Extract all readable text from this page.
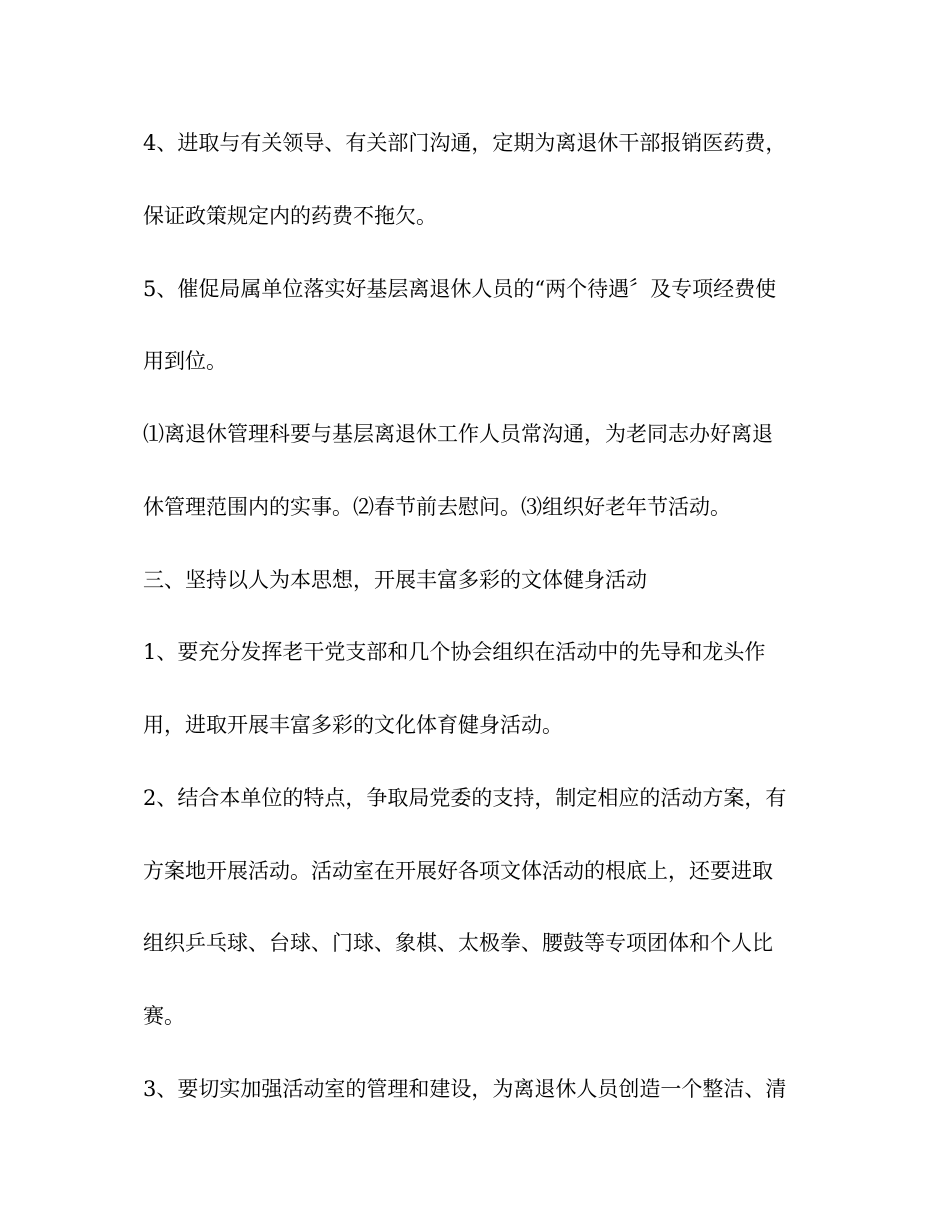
4、进取与有关领导、有关部门沟通，定期为离退休干部报销医药费，
保证政策规定内的药费不拖欠。
5、催促局属单位落实好基层离退休人员的“两个待遇〞及专项经费使
用到位。
⑴离退休管理科要与基层离退休工作人员常沟通，为老同志办好离退
休管理范围内的实事。⑵春节前去慰问。⑶组织好老年节活动。
三、坚持以人为本思想，开展丰富多彩的文体健身活动
1、要充分发挥老干党支部和几个协会组织在活动中的先导和龙头作
用，进取开展丰富多彩的文化体育健身活动。
2、结合本单位的特点，争取局党委的支持，制定相应的活动方案，有
方案地开展活动。活动室在开展好各项文体活动的根底上，还要进取
组织乒乓球、台球、门球、象棋、太极拳、腰鼓等专项团体和个人比
赛。
3、要切实加强活动室的管理和建设，为离退休人员创造一个整洁、清
